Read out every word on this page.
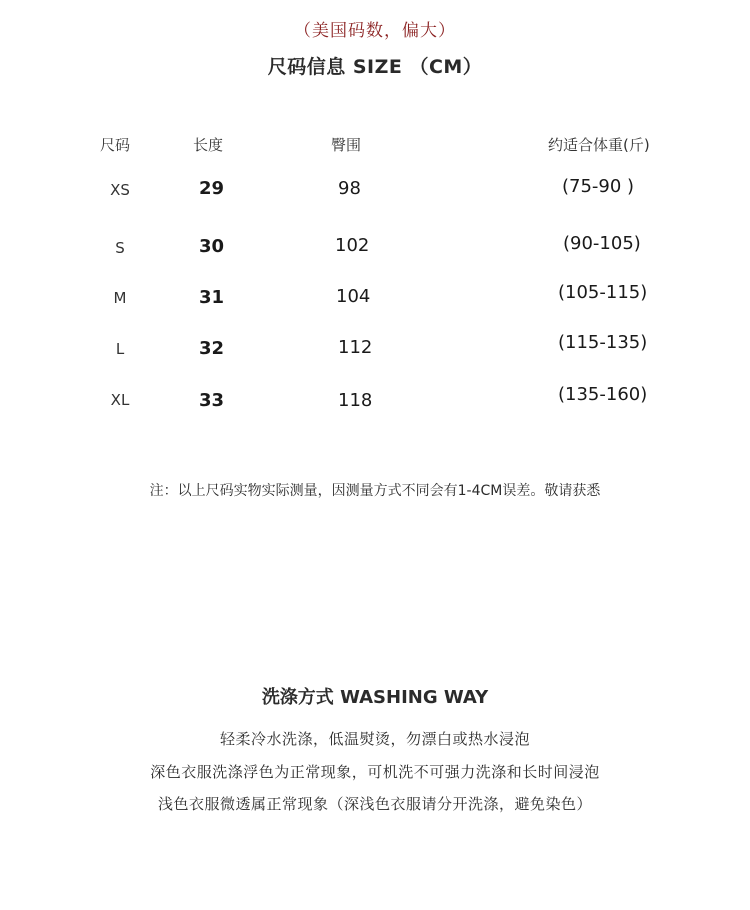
（美国码数，偏大）
尺码信息 SIZE （CM）
尺码	长度	臀围	约适合体重(斤)
XS	29	98	(75-90 )
S	30	102	(90-105)
M	31	104	(105-115)
L	32	112	(115-135)
XL	33	118	(135-160)
注：以上尺码实物实际测量，因测量方式不同会有1-4CM误差。敬请获悉
洗涤方式 WASHING WAY
轻柔冷水洗涤，低温熨烫，勿漂白或热水浸泡
深色衣服洗涤浮色为正常现象，可机洗不可强力洗涤和长时间浸泡
浅色衣服微透属正常现象（深浅色衣服请分开洗涤，避免染色）
